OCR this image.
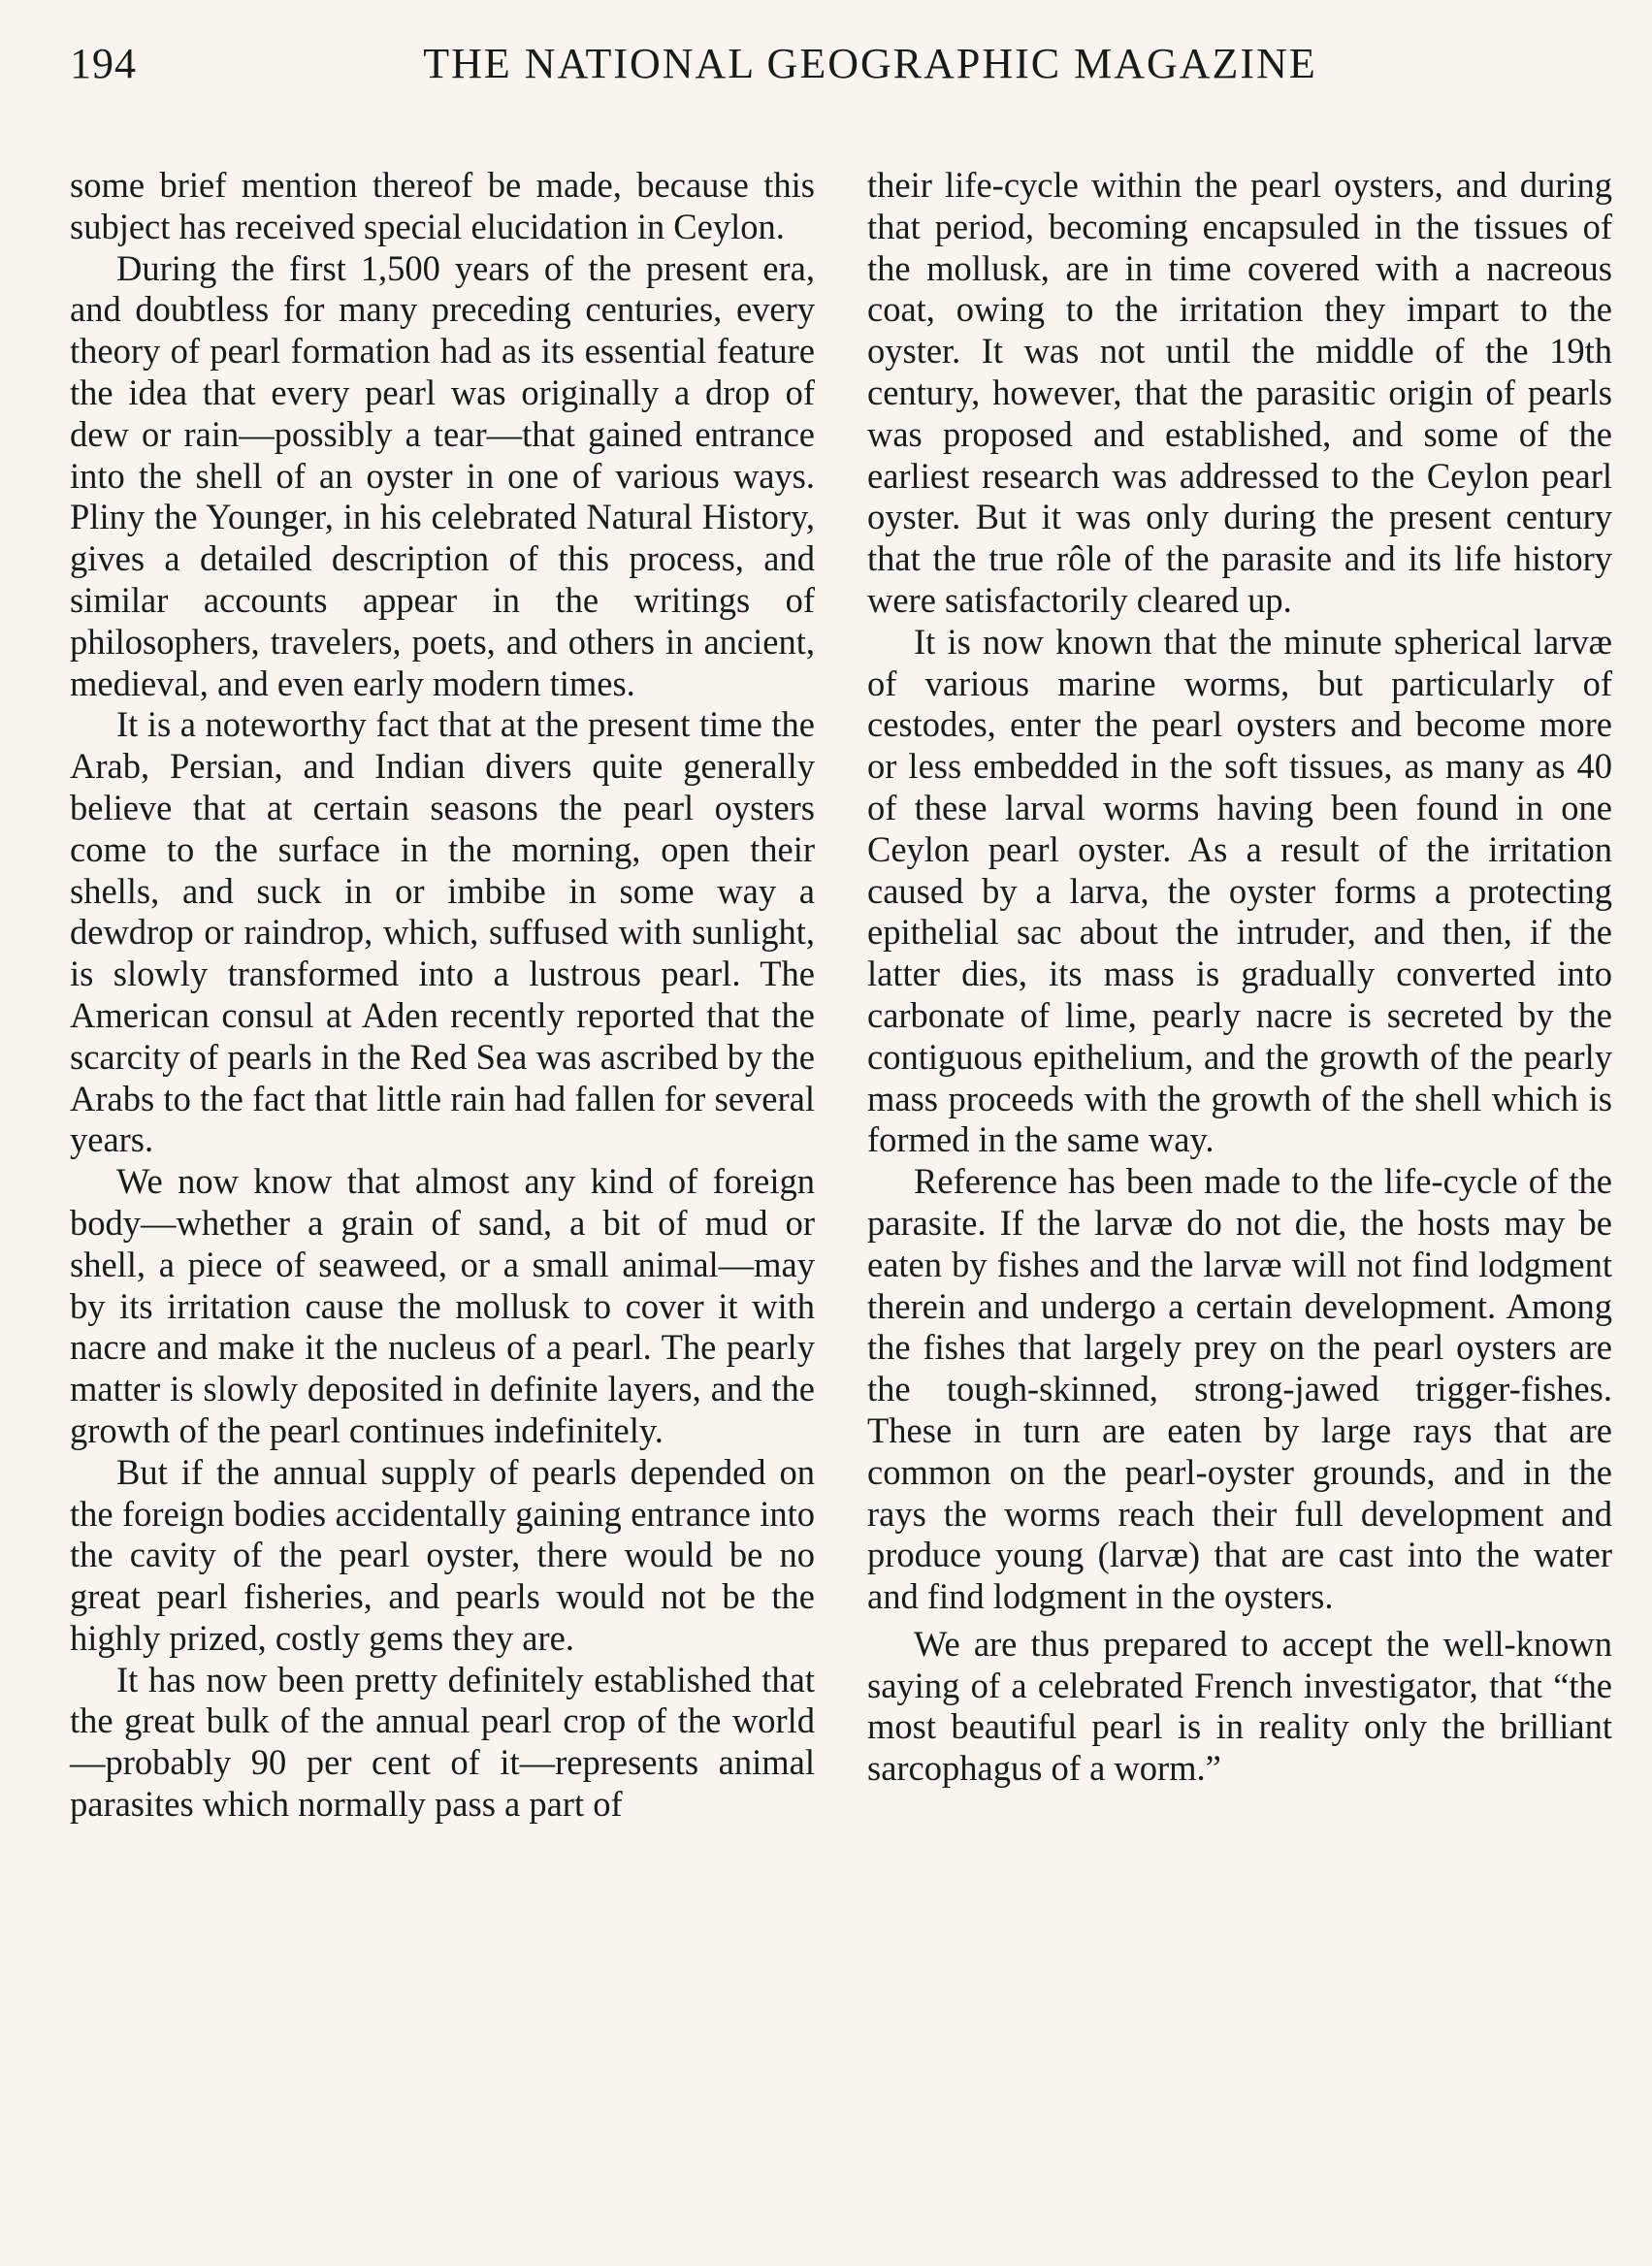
194	THE NATIONAL GEOGRAPHIC MAGAZINE

some brief mention thereof be made, because this subject has received special elucidation in Ceylon.

During the first 1,500 years of the present era, and doubtless for many preceding centuries, every theory of pearl formation had as its essential feature the idea that every pearl was originally a drop of dew or rain—possibly a tear—that gained entrance into the shell of an oyster in one of various ways. Pliny the Younger, in his celebrated Natural History, gives a detailed description of this process, and similar accounts appear in the writings of philosophers, travelers, poets, and others in ancient, medieval, and even early modern times.

It is a noteworthy fact that at the present time the Arab, Persian, and Indian divers quite generally believe that at certain seasons the pearl oysters come to the surface in the morning, open their shells, and suck in or imbibe in some way a dewdrop or raindrop, which, suffused with sunlight, is slowly transformed into a lustrous pearl. The American consul at Aden recently reported that the scarcity of pearls in the Red Sea was ascribed by the Arabs to the fact that little rain had fallen for several years.

We now know that almost any kind of foreign body—whether a grain of sand, a bit of mud or shell, a piece of seaweed, or a small animal—may by its irritation cause the mollusk to cover it with nacre and make it the nucleus of a pearl. The pearly matter is slowly deposited in definite layers, and the growth of the pearl continues indefinitely.

But if the annual supply of pearls depended on the foreign bodies accidentally gaining entrance into the cavity of the pearl oyster, there would be no great pearl fisheries, and pearls would not be the highly prized, costly gems they are.

It has now been pretty definitely established that the great bulk of the annual pearl crop of the world—probably 90 per cent of it—represents animal parasites which normally pass a part of

their life-cycle within the pearl oysters, and during that period, becoming encapsuled in the tissues of the mollusk, are in time covered with a nacreous coat, owing to the irritation they impart to the oyster. It was not until the middle of the 19th century, however, that the parasitic origin of pearls was proposed and established, and some of the earliest research was addressed to the Ceylon pearl oyster. But it was only during the present century that the true rôle of the parasite and its life history were satisfactorily cleared up.

It is now known that the minute spherical larvæ of various marine worms, but particularly of cestodes, enter the pearl oysters and become more or less embedded in the soft tissues, as many as 40 of these larval worms having been found in one Ceylon pearl oyster. As a result of the irritation caused by a larva, the oyster forms a protecting epithelial sac about the intruder, and then, if the latter dies, its mass is gradually converted into carbonate of lime, pearly nacre is secreted by the contiguous epithelium, and the growth of the pearly mass proceeds with the growth of the shell which is formed in the same way.

Reference has been made to the life-cycle of the parasite. If the larvæ do not die, the hosts may be eaten by fishes and the larvæ will not find lodgment therein and undergo a certain development. Among the fishes that largely prey on the pearl oysters are the tough-skinned, strong-jawed trigger-fishes. These in turn are eaten by large rays that are common on the pearl-oyster grounds, and in the rays the worms reach their full development and produce young (larvæ) that are cast into the water and find lodgment in the oysters.

We are thus prepared to accept the well-known saying of a celebrated French investigator, that “the most beautiful pearl is in reality only the brilliant sarcophagus of a worm.”
